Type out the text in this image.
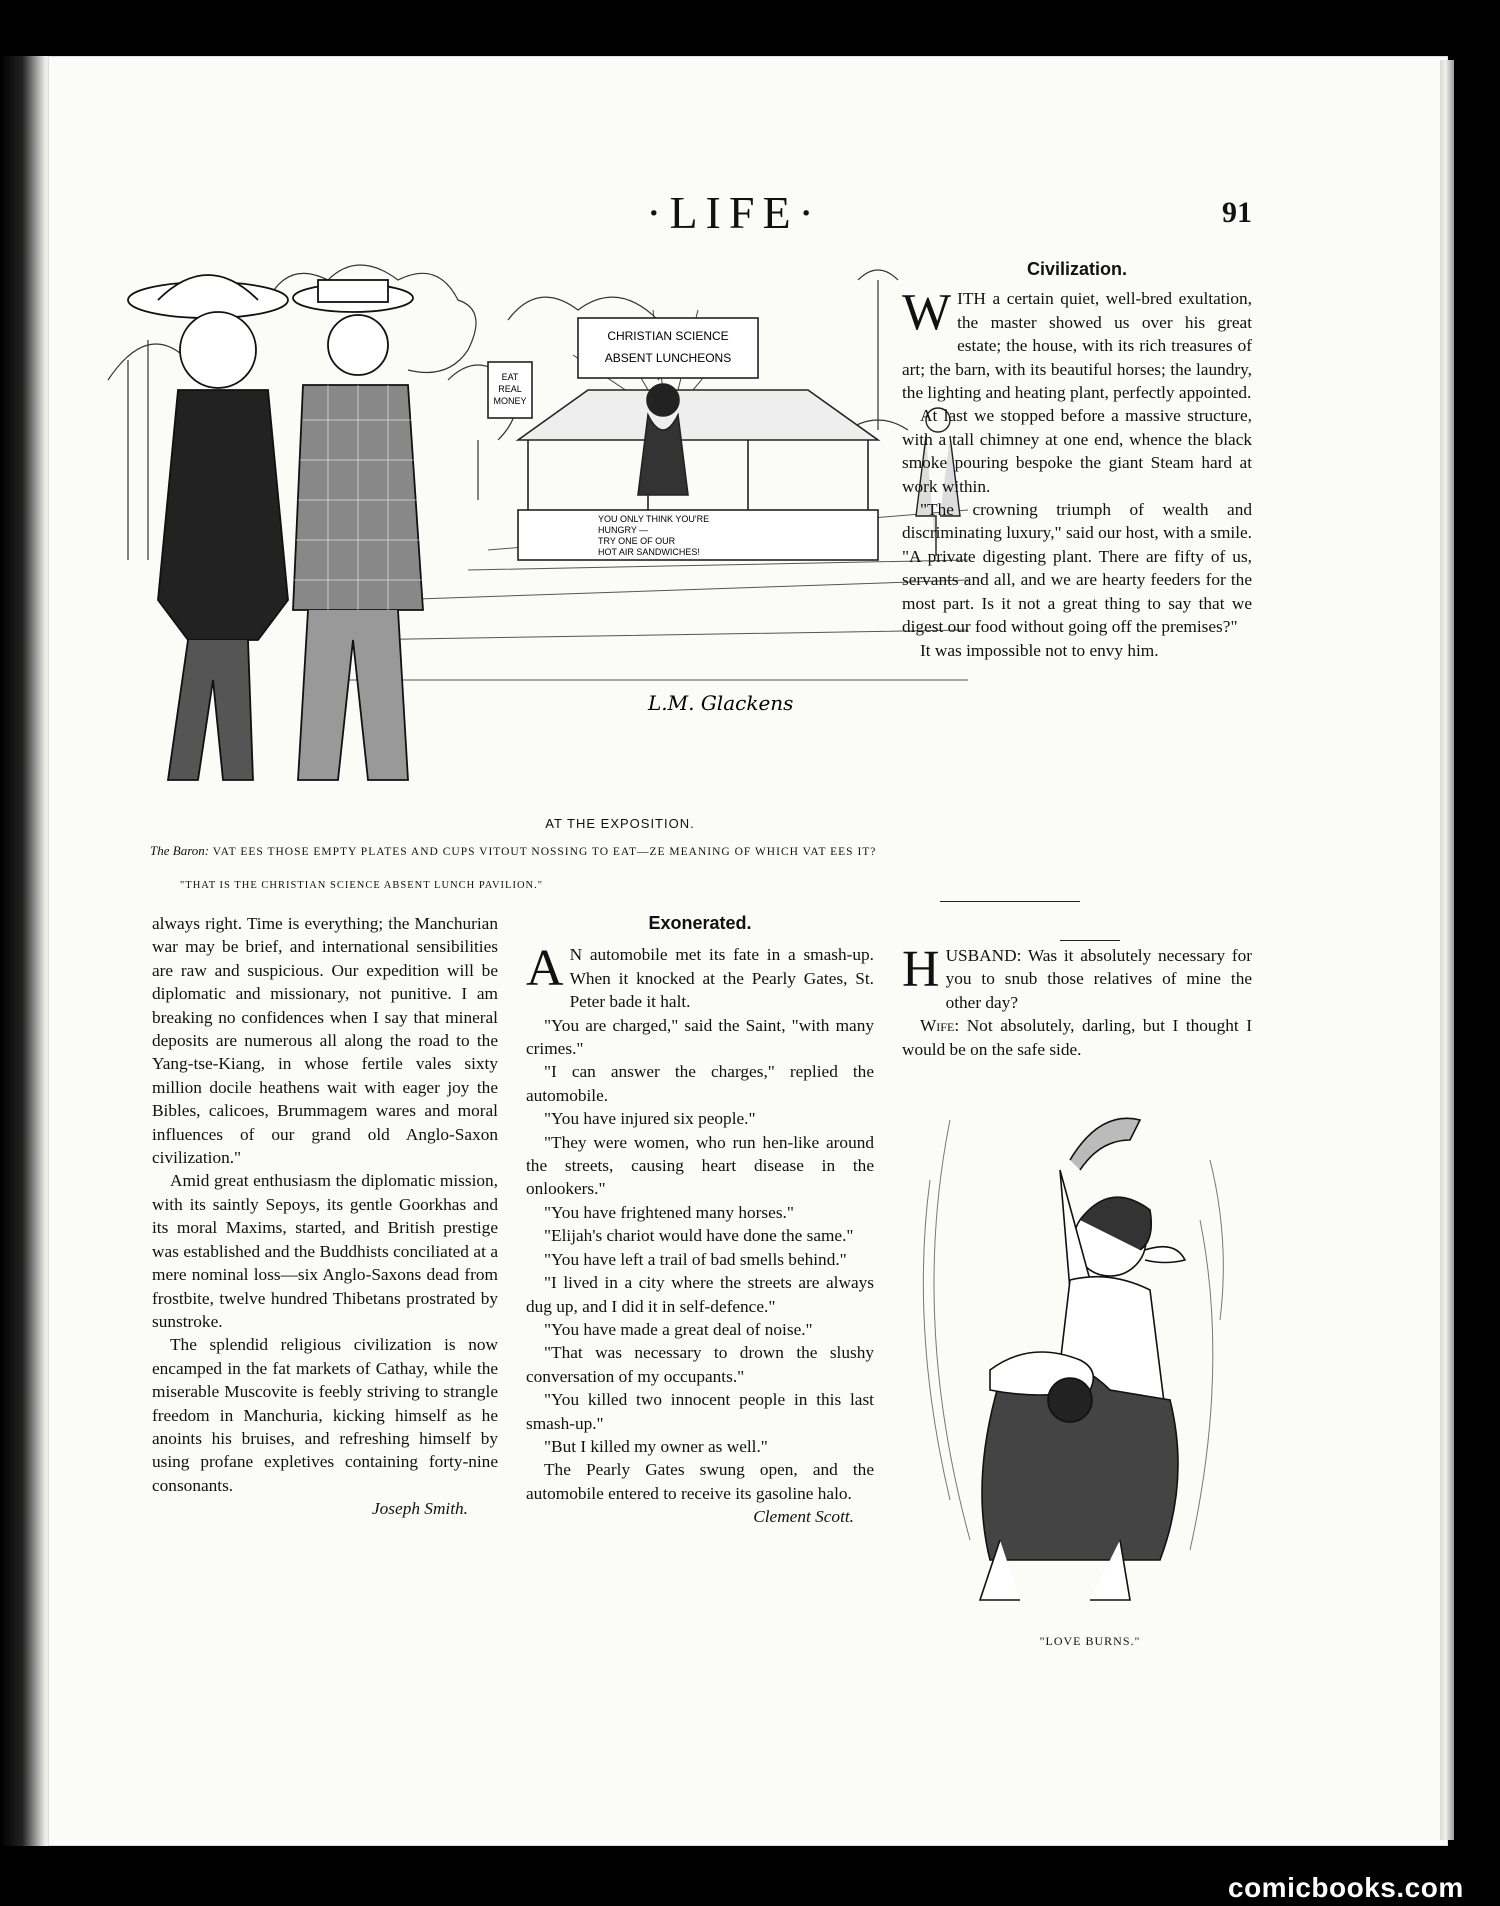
·LIFE·	91
CHRISTIAN SCIENCE
ABSENT LUNCHEONS
EAT
REAL
MONEY
YOU ONLY THINK YOU'RE
HUNGRY —
TRY ONE OF OUR
HOT AIR SANDWICHES!
L.M. Glackens
AT THE EXPOSITION.
The Baron: VAT EES THOSE EMPTY PLATES AND CUPS VITOUT NOSSING TO EAT—ZE MEANING OF WHICH VAT EES IT?
"THAT IS THE CHRISTIAN SCIENCE ABSENT LUNCH PAVILION."

always right. Time is everything; the Manchurian war may be brief, and international sensibilities are raw and suspicious. Our expedition will be diplomatic and missionary, not punitive. I am breaking no confidences when I say that mineral deposits are numerous all along the road to the Yang-tse-Kiang, in whose fertile vales sixty million docile heathens wait with eager joy the Bibles, calicoes, Brummagem wares and moral influences of our grand old Anglo-Saxon civilization."

Amid great enthusiasm the diplomatic mission, with its saintly Sepoys, its gentle Goorkhas and its moral Maxims, started, and British prestige was established and the Buddhists conciliated at a mere nominal loss—six Anglo-Saxons dead from frostbite, twelve hundred Thibetans prostrated by sunstroke.

The splendid religious civilization is now encamped in the fat markets of Cathay, while the miserable Muscovite is feebly striving to strangle freedom in Manchuria, kicking himself as he anoints his bruises, and refreshing himself by using profane expletives containing forty-nine consonants.

Joseph Smith.
Exonerated.

A N automobile met its fate in a smash-up. When it knocked at the Pearly Gates, St. Peter bade it halt.

"You are charged," said the Saint, "with many crimes."

"I can answer the charges," replied the automobile.

"You have injured six people."

"They were women, who run hen-like around the streets, causing heart disease in the onlookers."

"You have frightened many horses."

"Elijah's chariot would have done the same."

"You have left a trail of bad smells behind."

"I lived in a city where the streets are always dug up, and I did it in self-defence."

"You have made a great deal of noise."

"That was necessary to drown the slushy conversation of my occupants."

"You killed two innocent people in this last smash-up."

"But I killed my owner as well."

The Pearly Gates swung open, and the automobile entered to receive its gasoline halo.

Clement Scott.
Civilization.

WITH a certain quiet, well-bred exultation, the master showed us over his great estate; the house, with its rich treasures of art; the barn, with its beautiful horses; the laundry, the lighting and heating plant, perfectly appointed.

At last we stopped before a massive structure, with a tall chimney at one end, whence the black smoke pouring bespoke the giant Steam hard at work within.

"The crowning triumph of wealth and discriminating luxury," said our host, with a smile. "A private digesting plant. There are fifty of us, servants and all, and we are hearty feeders for the most part. Is it not a great thing to say that we digest our food without going off the premises?"

It was impossible not to envy him.

HUSBAND: Was it absolutely necessary for you to snub those relatives of mine the other day?

Wife: Not absolutely, darling, but I thought I would be on the safe side.

"LOVE BURNS."
comicbooks.com
